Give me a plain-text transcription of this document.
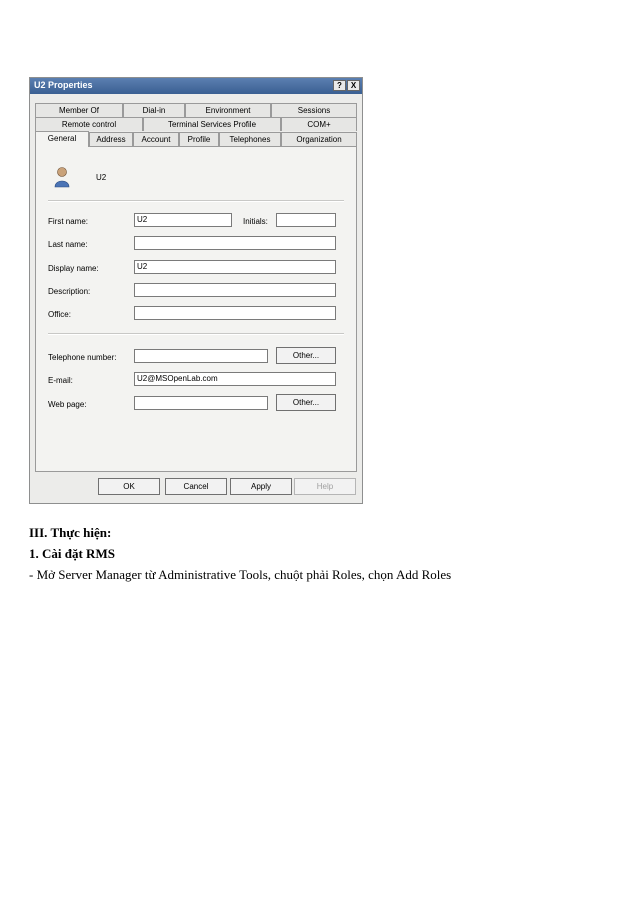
U2 Properties	?	X
Member Of	Dial-in	Environment	Sessions
Remote control	Terminal Services Profile	COM+
General	Address	Account	Profile	Telephones	Organization
U2
First name:	U2	Initials:
Last name:
Display name:	U2
Description:
Office:
Telephone number:	Other...
E-mail:	U2@MSOpenLab.com
Web page:	Other...
OK	Cancel	Apply	Help
III. Thực hiện:
1. Cài đặt RMS
- Mở Server Manager từ Administrative Tools, chuột phải Roles, chọn Add Roles
